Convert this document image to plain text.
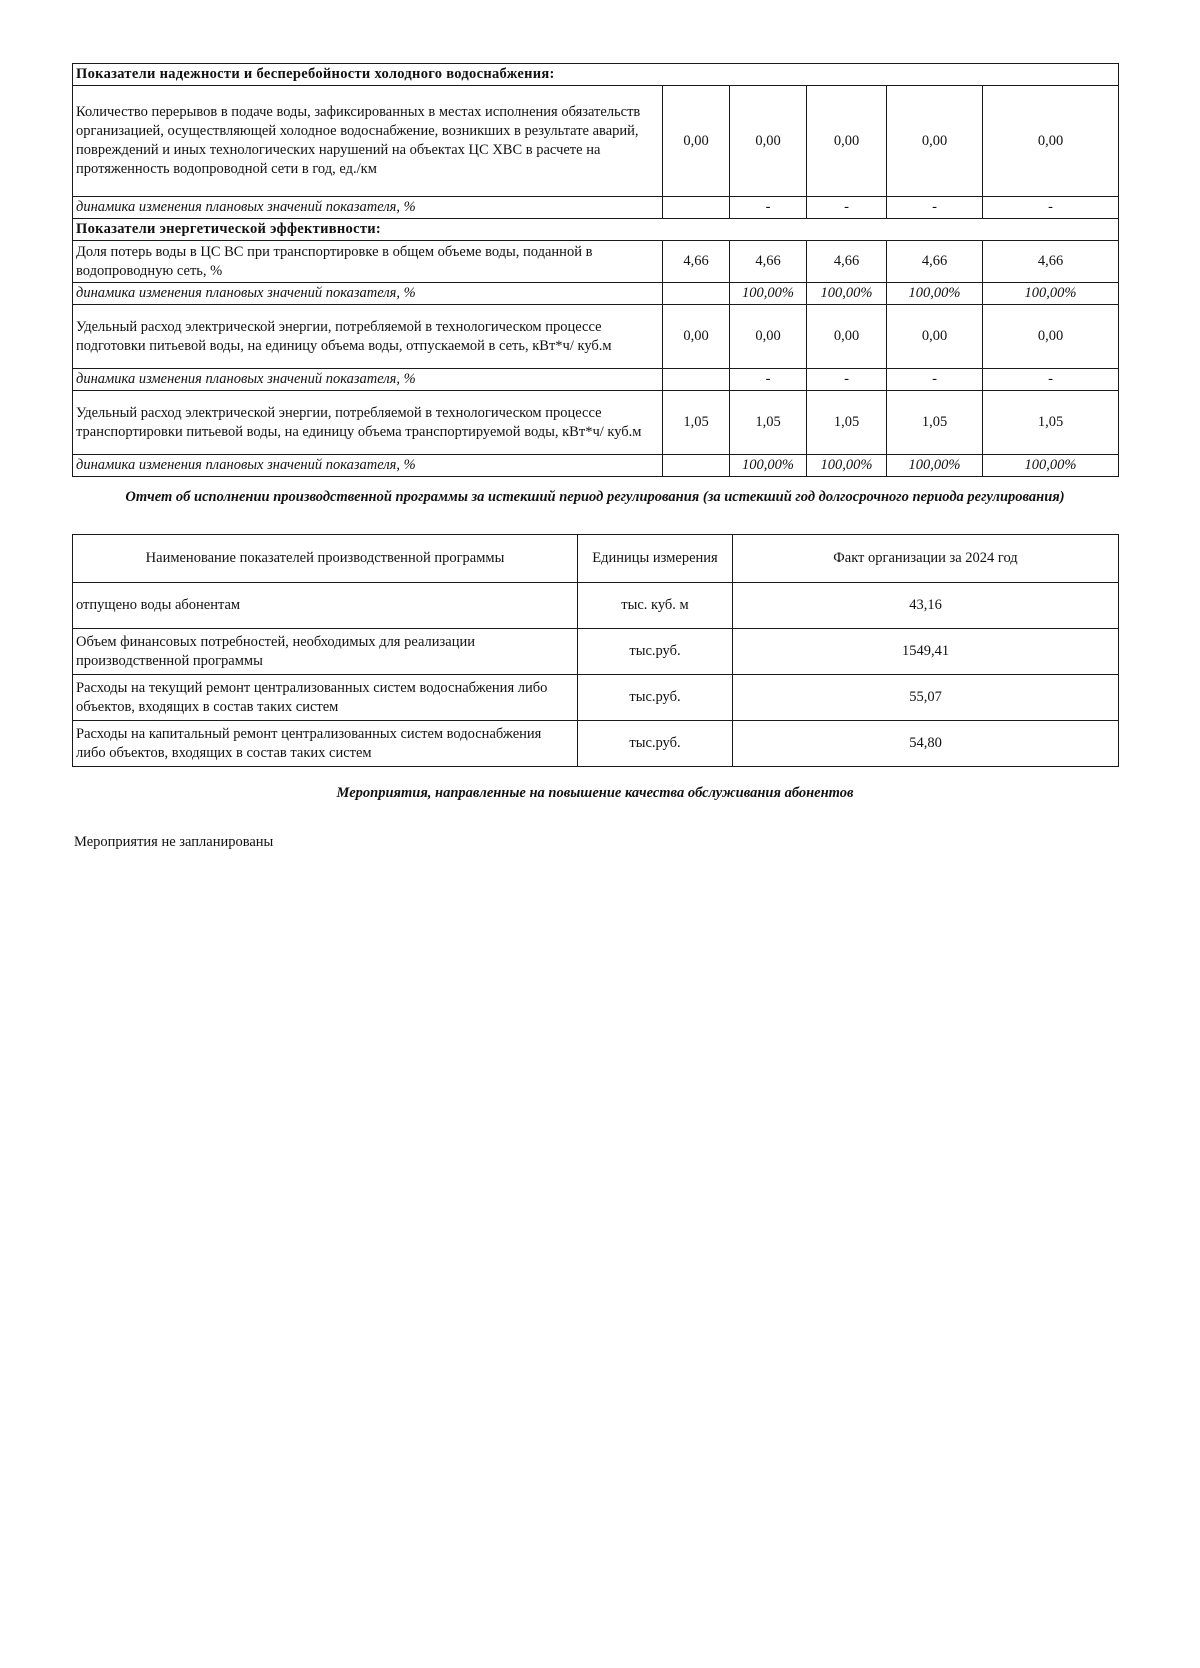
Показатели надежности и бесперебойности холодного водоснабжения:					
Количество перерывов в подаче воды, зафиксированных в местах исполнения обязательств организацией, осуществляющей холодное водоснабжение, возникших в результате аварий, повреждений и иных технологических нарушений на объектах ЦС ХВС в расчете на протяженность водопроводной сети в год, ед./км	0,00	0,00	0,00	0,00	0,00
динамика изменения плановых значений показателя, %		-	-	-	-
Показатели энергетической эффективности:					
Доля потерь воды в ЦС ВС при транспортировке в общем объеме воды, поданной в водопроводную сеть, %	4,66	4,66	4,66	4,66	4,66
динамика изменения плановых значений показателя, %		100,00%	100,00%	100,00%	100,00%
Удельный расход электрической энергии, потребляемой в технологическом процессе подготовки питьевой воды, на единицу объема воды, отпускаемой в сеть, кВт*ч/ куб.м	0,00	0,00	0,00	0,00	0,00
динамика изменения плановых значений показателя, %		-	-	-	-
Удельный расход электрической энергии, потребляемой в технологическом процессе транспортировки питьевой воды, на единицу объема транспортируемой воды, кВт*ч/ куб.м	1,05	1,05	1,05	1,05	1,05
динамика изменения плановых значений показателя, %		100,00%	100,00%	100,00%	100,00%
Отчет об исполнении производственной программы за истекший период регулирования (за истекший год долгосрочного периода регулирования)
Наименование показателей производственной программы	Единицы измерения	Факт организации за 2024 год
отпущено воды абонентам	тыс. куб. м	43,16
Объем финансовых потребностей, необходимых для реализации производственной программы	тыс.руб.	1549,41
Расходы на текущий ремонт централизованных систем водоснабжения либо объектов, входящих в состав таких систем	тыс.руб.	55,07
Расходы на капитальный ремонт централизованных систем водоснабжения либо объектов, входящих в состав таких систем	тыс.руб.	54,80
Мероприятия, направленные на повышение качества обслуживания абонентов
Мероприятия не запланированы
